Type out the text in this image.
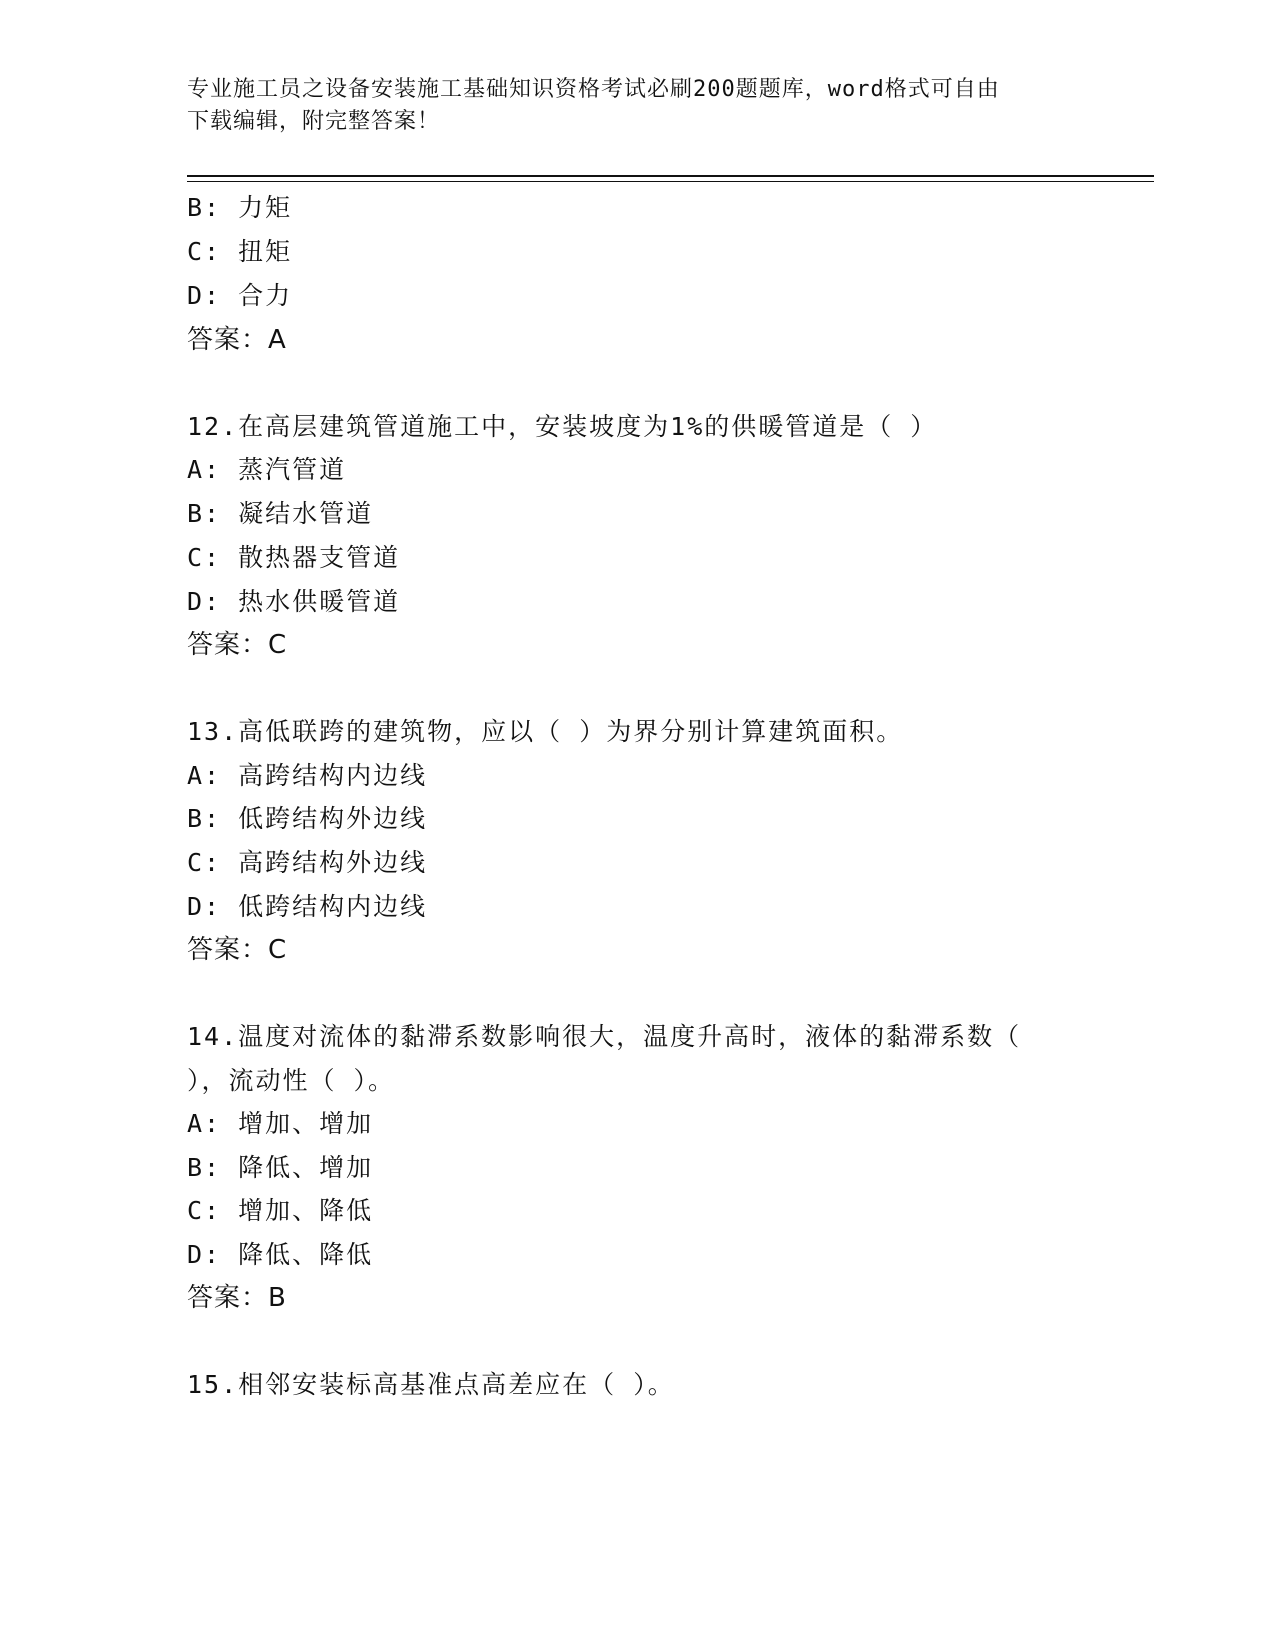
专业施工员之设备安装施工基础知识资格考试必刷200题题库，word格式可自由
下载编辑，附完整答案！
B: 力矩
C: 扭矩
D: 合力
答案：A
12.在高层建筑管道施工中，安装坡度为1%的供暖管道是（ ）
A: 蒸汽管道
B: 凝结水管道
C: 散热器支管道
D: 热水供暖管道
答案：C
13.高低联跨的建筑物，应以（ ）为界分别计算建筑面积。
A: 高跨结构内边线
B: 低跨结构外边线
C: 高跨结构外边线
D: 低跨结构内边线
答案：C
14.温度对流体的黏滞系数影响很大，温度升高时，液体的黏滞系数（
），流动性（ ）。
A: 增加、增加
B: 降低、增加
C: 增加、降低
D: 降低、降低
答案：B
15.相邻安装标高基准点高差应在（ ）。
